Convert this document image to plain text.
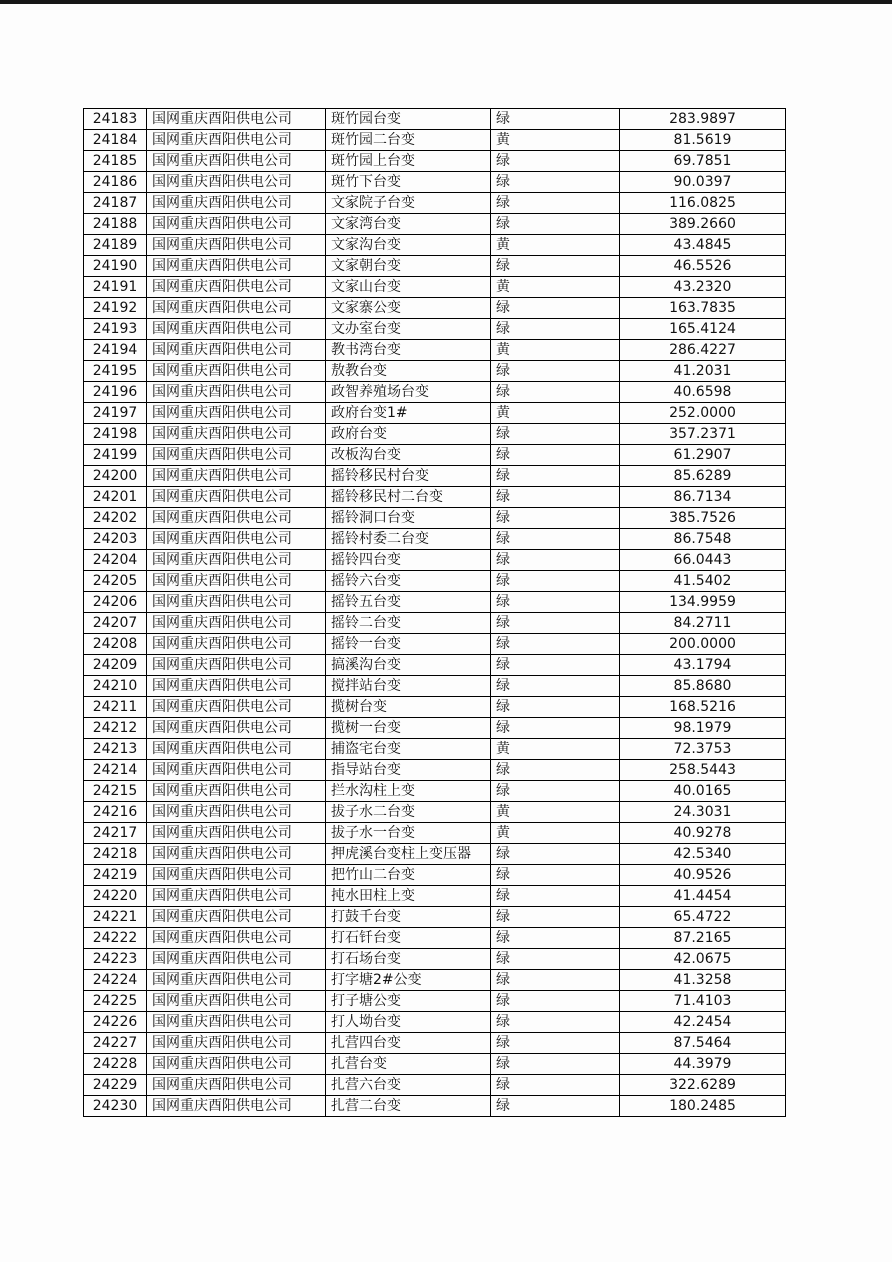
24183	国网重庆酉阳供电公司	斑竹园台变	绿	283.9897
24184	国网重庆酉阳供电公司	斑竹园二台变	黄	81.5619
24185	国网重庆酉阳供电公司	斑竹园上台变	绿	69.7851
24186	国网重庆酉阳供电公司	斑竹下台变	绿	90.0397
24187	国网重庆酉阳供电公司	文家院子台变	绿	116.0825
24188	国网重庆酉阳供电公司	文家湾台变	绿	389.2660
24189	国网重庆酉阳供电公司	文家沟台变	黄	43.4845
24190	国网重庆酉阳供电公司	文家朝台变	绿	46.5526
24191	国网重庆酉阳供电公司	文家山台变	黄	43.2320
24192	国网重庆酉阳供电公司	文家寨公变	绿	163.7835
24193	国网重庆酉阳供电公司	文办室台变	绿	165.4124
24194	国网重庆酉阳供电公司	教书湾台变	黄	286.4227
24195	国网重庆酉阳供电公司	敖教台变	绿	41.2031
24196	国网重庆酉阳供电公司	政智养殖场台变	绿	40.6598
24197	国网重庆酉阳供电公司	政府台变1#	黄	252.0000
24198	国网重庆酉阳供电公司	政府台变	绿	357.2371
24199	国网重庆酉阳供电公司	改板沟台变	绿	61.2907
24200	国网重庆酉阳供电公司	摇铃移民村台变	绿	85.6289
24201	国网重庆酉阳供电公司	摇铃移民村二台变	绿	86.7134
24202	国网重庆酉阳供电公司	摇铃洞口台变	绿	385.7526
24203	国网重庆酉阳供电公司	摇铃村委二台变	绿	86.7548
24204	国网重庆酉阳供电公司	摇铃四台变	绿	66.0443
24205	国网重庆酉阳供电公司	摇铃六台变	绿	41.5402
24206	国网重庆酉阳供电公司	摇铃五台变	绿	134.9959
24207	国网重庆酉阳供电公司	摇铃二台变	绿	84.2711
24208	国网重庆酉阳供电公司	摇铃一台变	绿	200.0000
24209	国网重庆酉阳供电公司	搞溪沟台变	绿	43.1794
24210	国网重庆酉阳供电公司	搅拌站台变	绿	85.8680
24211	国网重庆酉阳供电公司	揽树台变	绿	168.5216
24212	国网重庆酉阳供电公司	揽树一台变	绿	98.1979
24213	国网重庆酉阳供电公司	捕盗宅台变	黄	72.3753
24214	国网重庆酉阳供电公司	指导站台变	绿	258.5443
24215	国网重庆酉阳供电公司	拦水沟柱上变	绿	40.0165
24216	国网重庆酉阳供电公司	拔子水二台变	黄	24.3031
24217	国网重庆酉阳供电公司	拔子水一台变	黄	40.9278
24218	国网重庆酉阳供电公司	押虎溪台变柱上变压器	绿	42.5340
24219	国网重庆酉阳供电公司	把竹山二台变	绿	40.9526
24220	国网重庆酉阳供电公司	扽水田柱上变	绿	41.4454
24221	国网重庆酉阳供电公司	打鼓千台变	绿	65.4722
24222	国网重庆酉阳供电公司	打石钎台变	绿	87.2165
24223	国网重庆酉阳供电公司	打石场台变	绿	42.0675
24224	国网重庆酉阳供电公司	打字塘2#公变	绿	41.3258
24225	国网重庆酉阳供电公司	打子塘公变	绿	71.4103
24226	国网重庆酉阳供电公司	打人坳台变	绿	42.2454
24227	国网重庆酉阳供电公司	扎营四台变	绿	87.5464
24228	国网重庆酉阳供电公司	扎营台变	绿	44.3979
24229	国网重庆酉阳供电公司	扎营六台变	绿	322.6289
24230	国网重庆酉阳供电公司	扎营二台变	绿	180.2485
